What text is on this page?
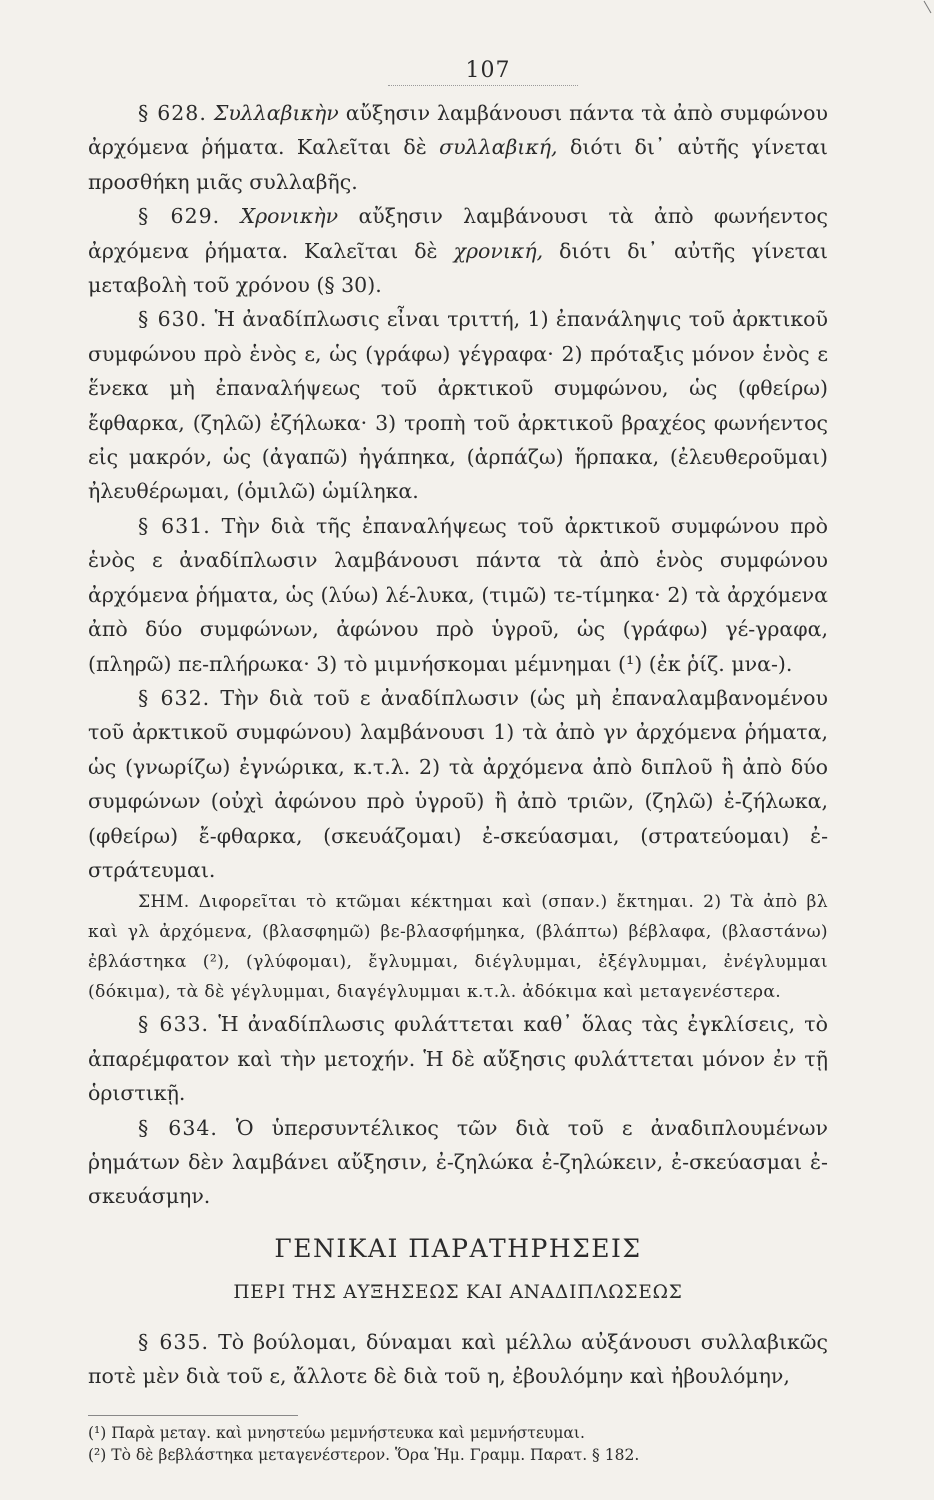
107

§ 628. Συλλαβικὴν αὔξησιν λαμβάνουσι πάντα τὰ ἀπὸ συμφώνου ἀρχόμενα ῥήματα. Καλεῖται δὲ συλλαβική, διότι δι᾽ αὐτῆς γίνεται προσθήκη μιᾶς συλλαβῆς.

§ 629. Χρονικὴν αὔξησιν λαμβάνουσι τὰ ἀπὸ φωνήεντος ἀρχόμενα ῥήματα. Καλεῖται δὲ χρονική, διότι δι᾽ αὐτῆς γίνεται μεταβολὴ τοῦ χρόνου (§ 30).

§ 630. Ἡ ἀναδίπλωσις εἶναι τριττή, 1) ἐπανάληψις τοῦ ἀρκτικοῦ συμφώνου πρὸ ἑνὸς ε, ὡς (γράφω) γέγραφα· 2) πρόταξις μόνον ἑνὸς ε ἕνεκα μὴ ἐπαναλήψεως τοῦ ἀρκτικοῦ συμφώνου, ὡς (φθείρω) ἔφθαρκα, (ζηλῶ) ἐζήλωκα· 3) τροπὴ τοῦ ἀρκτικοῦ βραχέος φωνήεντος εἰς μακρόν, ὡς (ἀγαπῶ) ἠγάπηκα, (ἁρπάζω) ἥρπακα, (ἐλευθεροῦμαι) ἠλευθέρωμαι, (ὁμιλῶ) ὡμίληκα.

§ 631. Τὴν διὰ τῆς ἐπαναλήψεως τοῦ ἀρκτικοῦ συμφώνου πρὸ ἑνὸς ε ἀναδίπλωσιν λαμβάνουσι πάντα τὰ ἀπὸ ἑνὸς συμφώνου ἀρχόμενα ῥήματα, ὡς (λύω) λέ-λυκα, (τιμῶ) τε-τίμηκα· 2) τὰ ἀρχόμενα ἀπὸ δύο συμφώνων, ἀφώνου πρὸ ὑγροῦ, ὡς (γράφω) γέ-γραφα, (πληρῶ) πε-πλήρωκα· 3) τὸ μιμνήσκομαι μέμνημαι (¹) (ἐκ ῥίζ. μνα-).

§ 632. Τὴν διὰ τοῦ ε ἀναδίπλωσιν (ὡς μὴ ἐπαναλαμβανομένου τοῦ ἀρκτικοῦ συμφώνου) λαμβάνουσι 1) τὰ ἀπὸ γν ἀρχόμενα ῥήματα, ὡς (γνωρίζω) ἐγνώρικα, κ.τ.λ. 2) τὰ ἀρχόμενα ἀπὸ διπλοῦ ἢ ἀπὸ δύο συμφώνων (οὐχὶ ἀφώνου πρὸ ὑγροῦ) ἢ ἀπὸ τριῶν, (ζηλῶ) ἐ-ζήλωκα, (φθείρω) ἔ-φθαρκα, (σκευάζομαι) ἐ-σκεύασμαι, (στρατεύομαι) ἐ-στράτευμαι.

ΣΗΜ. Διφορεῖται τὸ κτῶμαι κέκτημαι καὶ (σπαν.) ἔκτημαι. 2) Τὰ ἀπὸ βλ καὶ γλ ἀρχόμενα, (βλασφημῶ) βε-βλασφήμηκα, (βλάπτω) βέβλαφα, (βλαστάνω) ἐβλάστηκα (²), (γλύφομαι), ἔγλυμμαι, διέγλυμμαι, ἐξέγλυμμαι, ἐνέγλυμμαι (δόκιμα), τὰ δὲ γέγλυμμαι, διαγέγλυμμαι κ.τ.λ. ἀδόκιμα καὶ μεταγενέστερα.

§ 633. Ἡ ἀναδίπλωσις φυλάττεται καθ᾽ ὅλας τὰς ἐγκλίσεις, τὸ ἀπαρέμφατον καὶ τὴν μετοχήν. Ἡ δὲ αὔξησις φυλάττεται μόνον ἐν τῇ ὁριστικῇ.

§ 634. Ὁ ὑπερσυντέλικος τῶν διὰ τοῦ ε ἀναδιπλουμένων ῥημάτων δὲν λαμβάνει αὔξησιν, ἐ-ζηλώκα ἐ-ζηλώκειν, ἐ-σκεύασμαι ἐ-σκευάσμην.

ΓΕΝΙΚΑΙ ΠΑΡΑΤΗΡΗΣΕΙΣ
ΠΕΡΙ ΤΗΣ ΑΥΞΗΣΕΩΣ ΚΑΙ ΑΝΑΔΙΠΛΩΣΕΩΣ

§ 635. Τὸ βούλομαι, δύναμαι καὶ μέλλω αὐξάνουσι συλλαβικῶς ποτὲ μὲν διὰ τοῦ ε, ἄλλοτε δὲ διὰ τοῦ η, ἐβουλόμην καὶ ἠβουλόμην,

(¹) Παρὰ μεταγ. καὶ μνηστεύω μεμνήστευκα καὶ μεμνήστευμαι.
(²) Τὸ δὲ βεβλάστηκα μεταγενέστερον. Ὅρα Ἡμ. Γραμμ. Παρατ. § 182.
